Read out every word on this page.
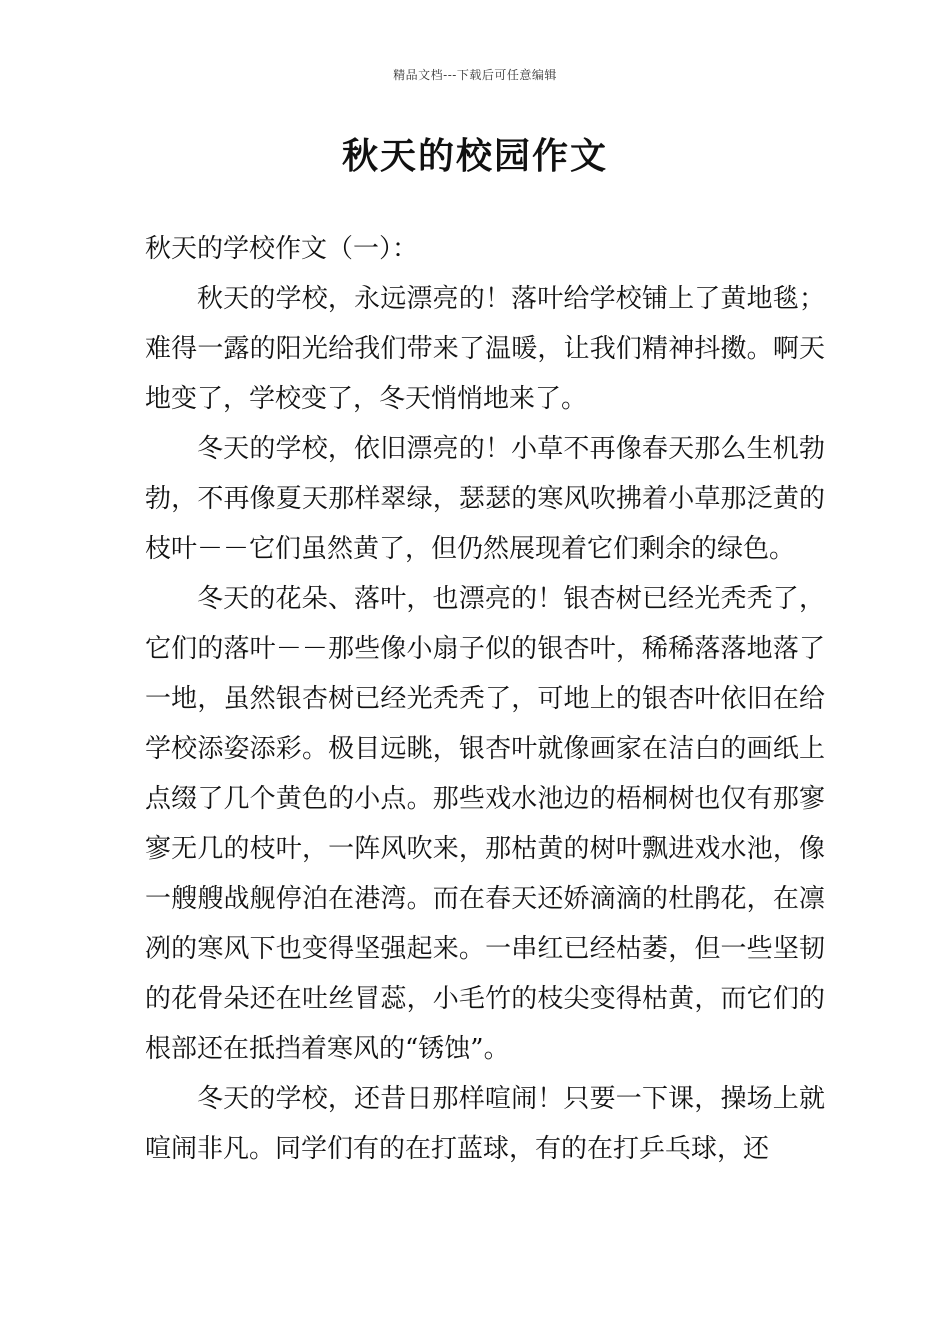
精品文档---下载后可任意编辑
秋天的校园作文

秋天的学校作文（一）：

秋天的学校，永远漂亮的！落叶给学校铺上了黄地毯；难得一露的阳光给我们带来了温暖，让我们精神抖擞。啊天地变了，学校变了，冬天悄悄地来了。

冬天的学校，依旧漂亮的！小草不再像春天那么生机勃勃，不再像夏天那样翠绿，瑟瑟的寒风吹拂着小草那泛黄的枝叶－－它们虽然黄了，但仍然展现着它们剩余的绿色。

冬天的花朵、落叶，也漂亮的！银杏树已经光秃秃了，它们的落叶－－那些像小扇子似的银杏叶，稀稀落落地落了一地，虽然银杏树已经光秃秃了，可地上的银杏叶依旧在给学校添姿添彩。极目远眺，银杏叶就像画家在洁白的画纸上点缀了几个黄色的小点。那些戏水池边的梧桐树也仅有那寥寥无几的枝叶，一阵风吹来，那枯黄的树叶飘进戏水池，像一艘艘战舰停泊在港湾。而在春天还娇滴滴的杜鹃花，在凛冽的寒风下也变得坚强起来。一串红已经枯萎，但一些坚韧的花骨朵还在吐丝冒蕊，小毛竹的枝尖变得枯黄，而它们的根部还在抵挡着寒风的“锈蚀”。

冬天的学校，还昔日那样喧闹！只要一下课，操场上就喧闹非凡。同学们有的在打蓝球，有的在打乒乓球，还
